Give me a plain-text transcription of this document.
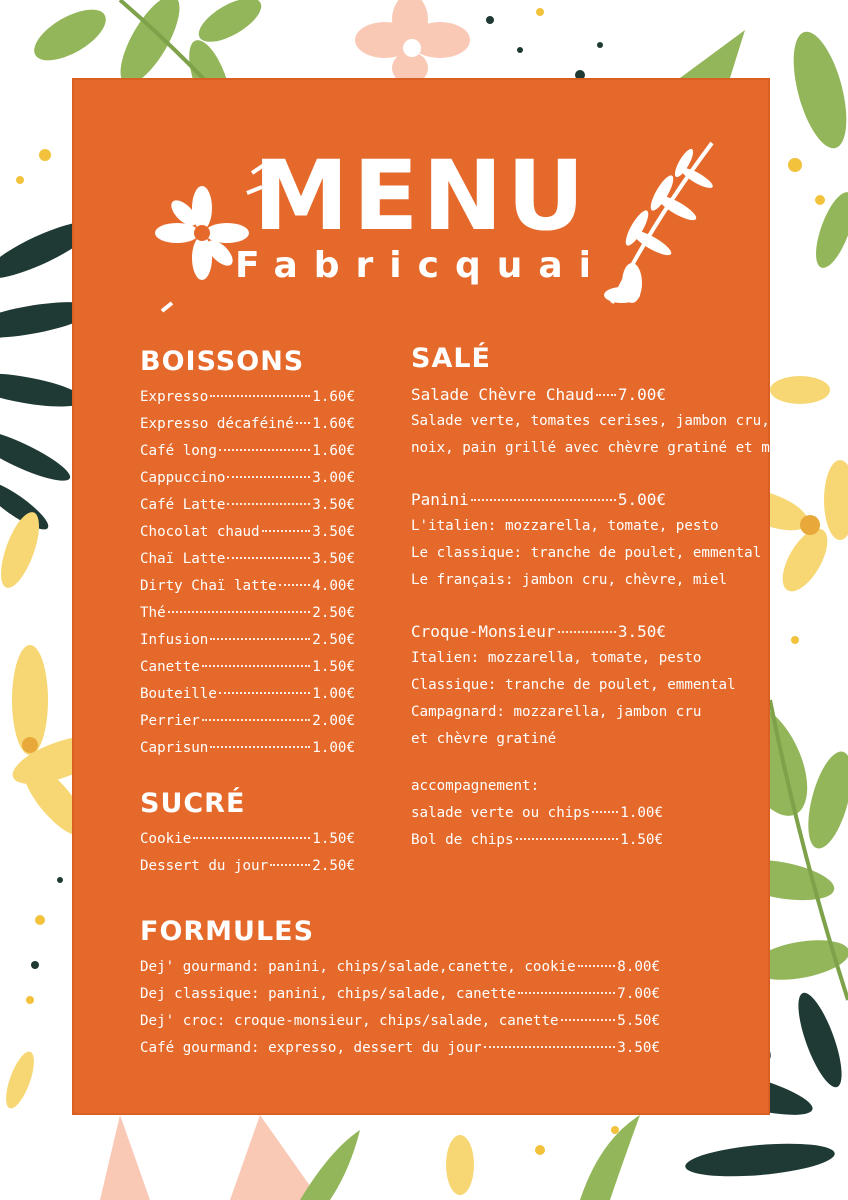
MENU
Fabricquai
BOISSONS
Expresso	1.60€
Expresso décaféiné 1.60€
Café long	1.60€
Cappuccino	3.00€
Café Latte	3.50€
Chocolat chaud	3.50€
Chaï Latte	3.50€
Dirty Chaï latte	4.00€
Thé	2.50€
Infusion	2.50€
Canette	1.50€
Bouteille	1.00€
Perrier	2.00€
Caprisun	1.00€
SUCRÉ
Cookie	1.50€
Dessert du jour	2.50€
SALÉ
Salade Chèvre Chaud 7.00€
Salade verte, tomates cerises, jambon cru,
noix, pain grillé avec chèvre gratiné et miel
Panini	5.00€
L'italien: mozzarella, tomate, pesto
Le classique: tranche de poulet, emmental
Le français: jambon cru, chèvre, miel
Croque-Monsieur	3.50€
Italien: mozzarella, tomate, pesto
Classique: tranche de poulet, emmental
Campagnard: mozzarella, jambon cru
et chèvre gratiné
accompagnement:
salade verte ou chips 1.00€
Bol de chips	1.50€
FORMULES
Dej' gourmand: panini, chips/salade,canette, cookie	8.00€
Dej classique: panini, chips/salade, canette	7.00€
Dej' croc: croque-monsieur, chips/salade, canette	5.50€
Café gourmand: expresso, dessert du jour	3.50€
